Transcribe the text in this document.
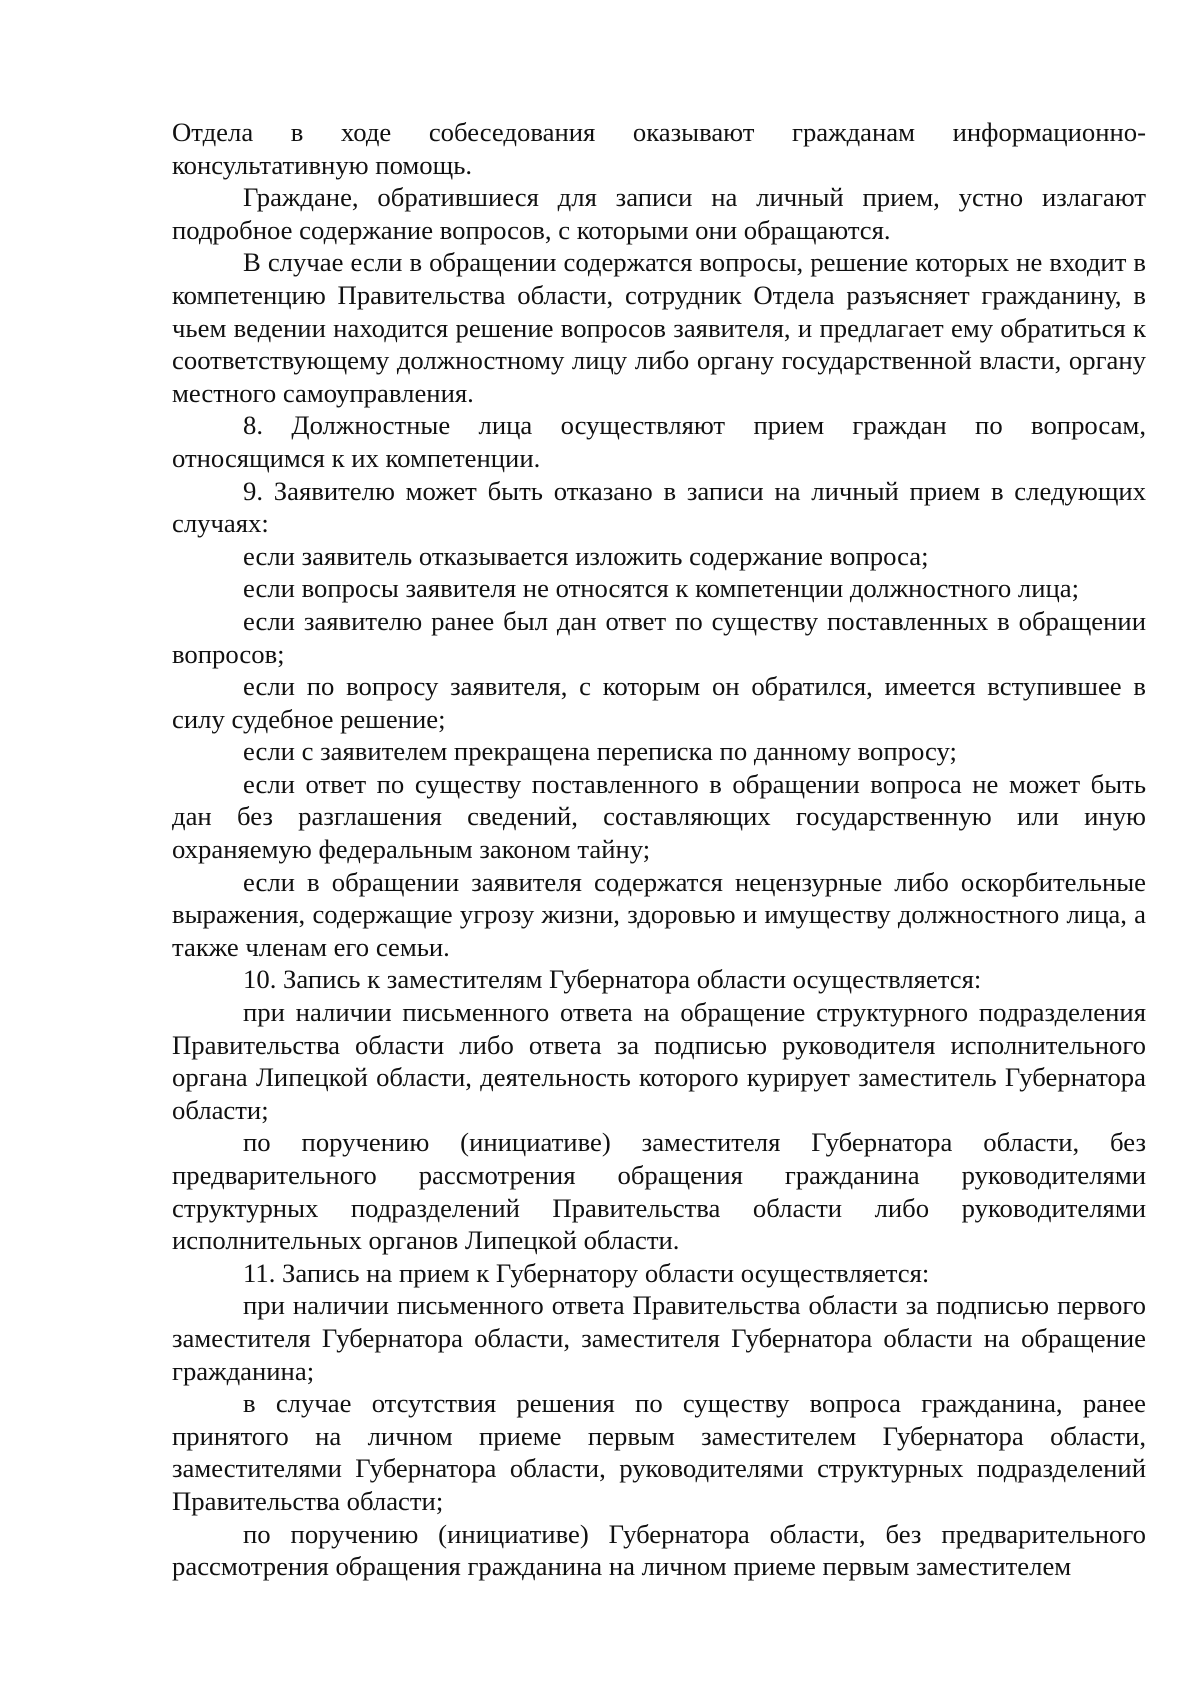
Отдела в ходе собеседования оказывают гражданам информационно-консультативную помощь.

Граждане, обратившиеся для записи на личный прием, устно излагают подробное содержание вопросов, с которыми они обращаются.

В случае если в обращении содержатся вопросы, решение которых не входит в компетенцию Правительства области, сотрудник Отдела разъясняет гражданину, в чьем ведении находится решение вопросов заявителя, и предлагает ему обратиться к соответствующему должностному лицу либо органу государственной власти, органу местного самоуправления.

8. Должностные лица осуществляют прием граждан по вопросам, относящимся к их компетенции.

9. Заявителю может быть отказано в записи на личный прием в следующих случаях:

если заявитель отказывается изложить содержание вопроса;

если вопросы заявителя не относятся к компетенции должностного лица;

если заявителю ранее был дан ответ по существу поставленных в обращении вопросов;

если по вопросу заявителя, с которым он обратился, имеется вступившее в силу судебное решение;

если с заявителем прекращена переписка по данному вопросу;

если ответ по существу поставленного в обращении вопроса не может быть дан без разглашения сведений, составляющих государственную или иную охраняемую федеральным законом тайну;

если в обращении заявителя содержатся нецензурные либо оскорбительные выражения, содержащие угрозу жизни, здоровью и имуществу должностного лица, а также членам его семьи.

10. Запись к заместителям Губернатора области осуществляется:

при наличии письменного ответа на обращение структурного подразделения Правительства области либо ответа за подписью руководителя исполнительного органа Липецкой области, деятельность которого курирует заместитель Губернатора области;

по поручению (инициативе) заместителя Губернатора области, без предварительного рассмотрения обращения гражданина руководителями структурных подразделений Правительства области либо руководителями исполнительных органов Липецкой области.

11. Запись на прием к Губернатору области осуществляется:

при наличии письменного ответа Правительства области за подписью первого заместителя Губернатора области, заместителя Губернатора области на обращение гражданина;

в случае отсутствия решения по существу вопроса гражданина, ранее принятого на личном приеме первым заместителем Губернатора области, заместителями Губернатора области, руководителями структурных подразделений Правительства области;

по поручению (инициативе) Губернатора области, без предварительного рассмотрения обращения гражданина на личном приеме первым заместителем
